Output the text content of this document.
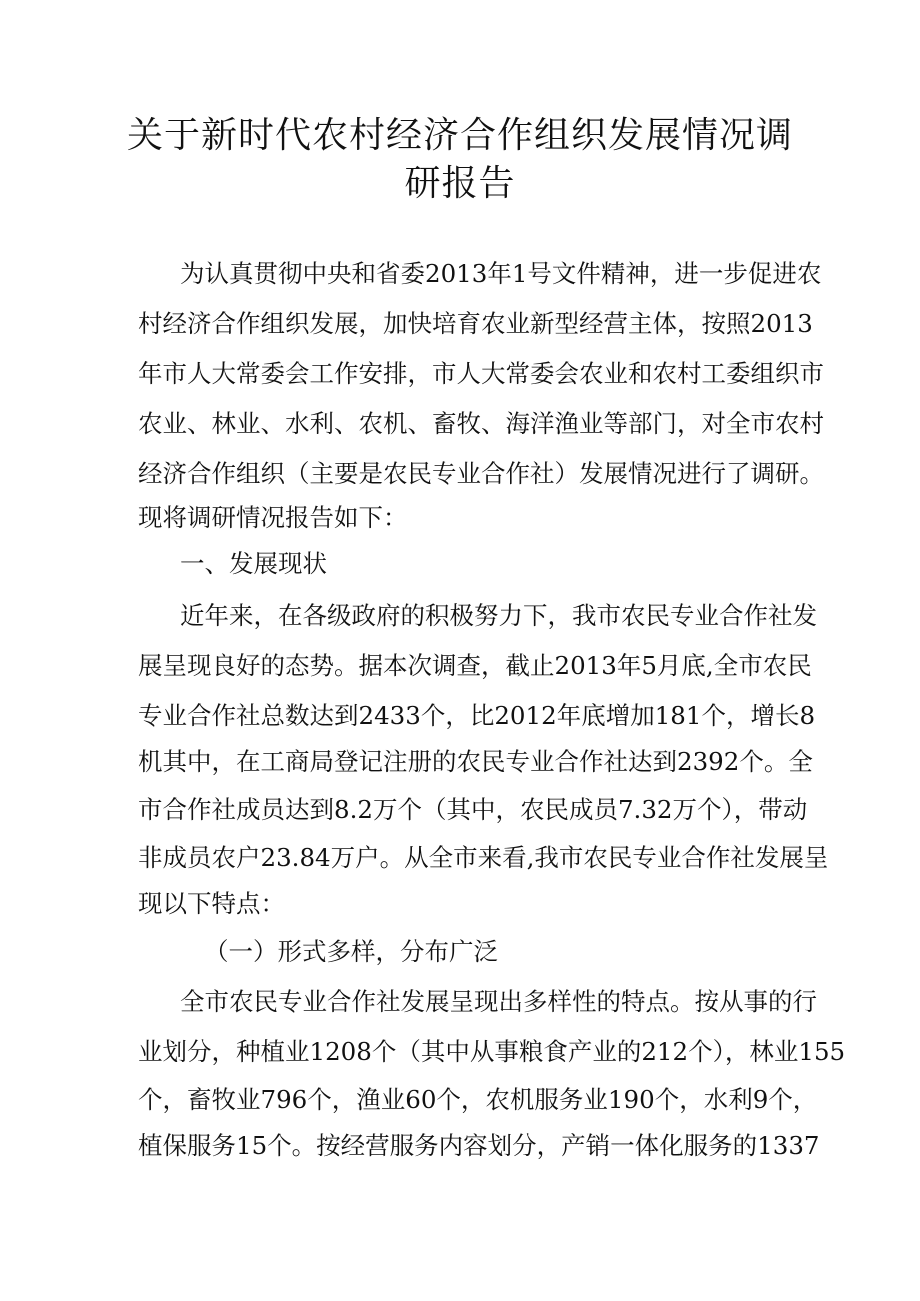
关于新时代农村经济合作组织发展情况调
研报告
为认真贯彻中央和省委2013年1号文件精神，进一步促进农
村经济合作组织发展，加快培育农业新型经营主体，按照2013
年市人大常委会工作安排，市人大常委会农业和农村工委组织市
农业、林业、水利、农机、畜牧、海洋渔业等部门，对全市农村
经济合作组织（主要是农民专业合作社）发展情况进行了调研。
现将调研情况报告如下：
一、发展现状
近年来，在各级政府的积极努力下，我市农民专业合作社发
展呈现良好的态势。据本次调查，截止2013年5月底,全市农民
专业合作社总数达到2433个，比2012年底增加181个，增长8
机其中，在工商局登记注册的农民专业合作社达到2392个。全
市合作社成员达到8.2万个（其中，农民成员7.32万个），带动
非成员农户23.84万户。从全市来看,我市农民专业合作社发展呈
现以下特点：
（一）形式多样，分布广泛
全市农民专业合作社发展呈现出多样性的特点。按从事的行
业划分，种植业1208个（其中从事粮食产业的212个），林业155
个，畜牧业796个，渔业60个，农机服务业190个，水利9个，
植保服务15个。按经营服务内容划分，产销一体化服务的1337
